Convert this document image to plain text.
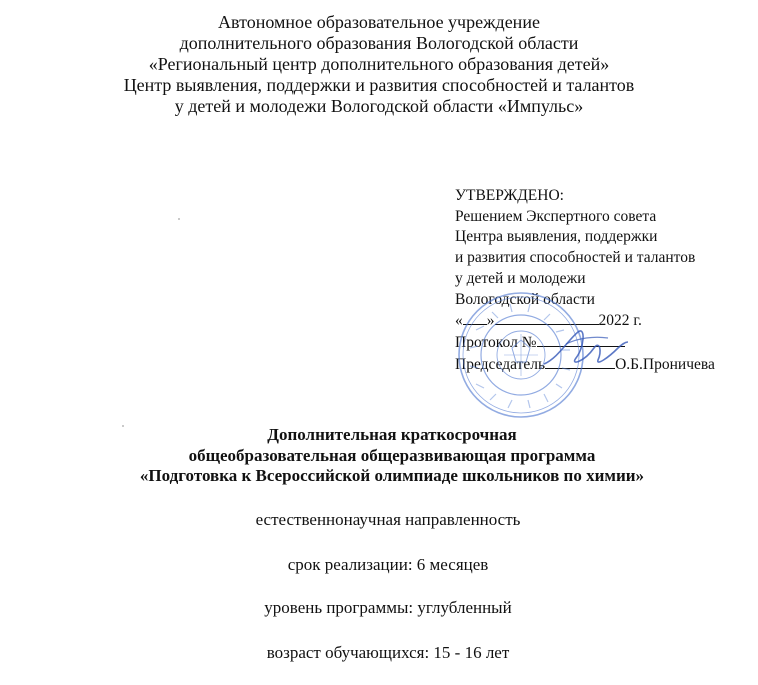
Автономное образовательное учреждение
дополнительного образования Вологодской области
«Региональный центр дополнительного образования детей»
Центр выявления, поддержки и развития способностей и талантов
у детей и молодежи Вологодской области «Импульс»
УТВЕРЖДЕНО:
Решением Экспертного совета
Центра выявления, поддержки
и развития способностей и талантов
у детей и молодежи
Вологодской области
« »	2022 г.
Протокол №
Председатель	О.Б.Проничева
Дополнительная краткосрочная
общеобразовательная общеразвивающая программа
«Подготовка к Всероссийской олимпиаде школьников по химии»
естественнонаучная направленность
срок реализации: 6 месяцев
уровень программы: углубленный
возраст обучающихся: 15 - 16 лет
